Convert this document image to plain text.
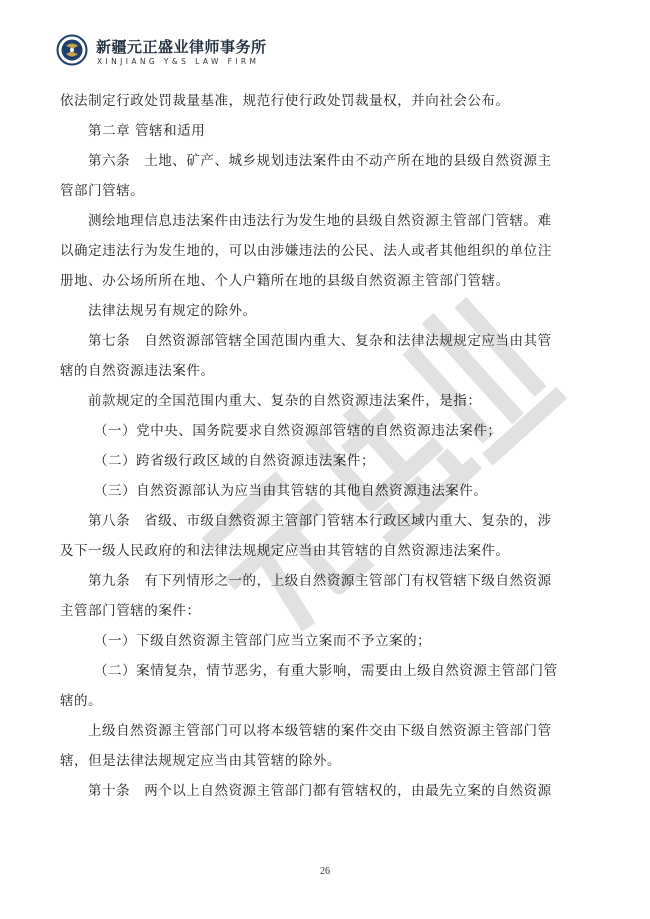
新疆元正盛业律师事务所
XINJIANG Y&S LAW FIRM
依法制定行政处罚裁量基准，规范行使行政处罚裁量权，并向社会公布。
第二章 管辖和适用
第六条　土地、矿产、城乡规划违法案件由不动产所在地的县级自然资源主
管部门管辖。
测绘地理信息违法案件由违法行为发生地的县级自然资源主管部门管辖。难
以确定违法行为发生地的，可以由涉嫌违法的公民、法人或者其他组织的单位注
册地、办公场所所在地、个人户籍所在地的县级自然资源主管部门管辖。
法律法规另有规定的除外。
第七条　自然资源部管辖全国范围内重大、复杂和法律法规规定应当由其管
辖的自然资源违法案件。
前款规定的全国范围内重大、复杂的自然资源违法案件，是指：
（一）党中央、国务院要求自然资源部管辖的自然资源违法案件；
（二）跨省级行政区域的自然资源违法案件；
（三）自然资源部认为应当由其管辖的其他自然资源违法案件。
第八条　省级、市级自然资源主管部门管辖本行政区域内重大、复杂的，涉
及下一级人民政府的和法律法规规定应当由其管辖的自然资源违法案件。
第九条　有下列情形之一的，上级自然资源主管部门有权管辖下级自然资源
主管部门管辖的案件：
（一）下级自然资源主管部门应当立案而不予立案的；
（二）案情复杂，情节恶劣，有重大影响，需要由上级自然资源主管部门管
辖的。
上级自然资源主管部门可以将本级管辖的案件交由下级自然资源主管部门管
辖，但是法律法规规定应当由其管辖的除外。
第十条　两个以上自然资源主管部门都有管辖权的，由最先立案的自然资源
26
